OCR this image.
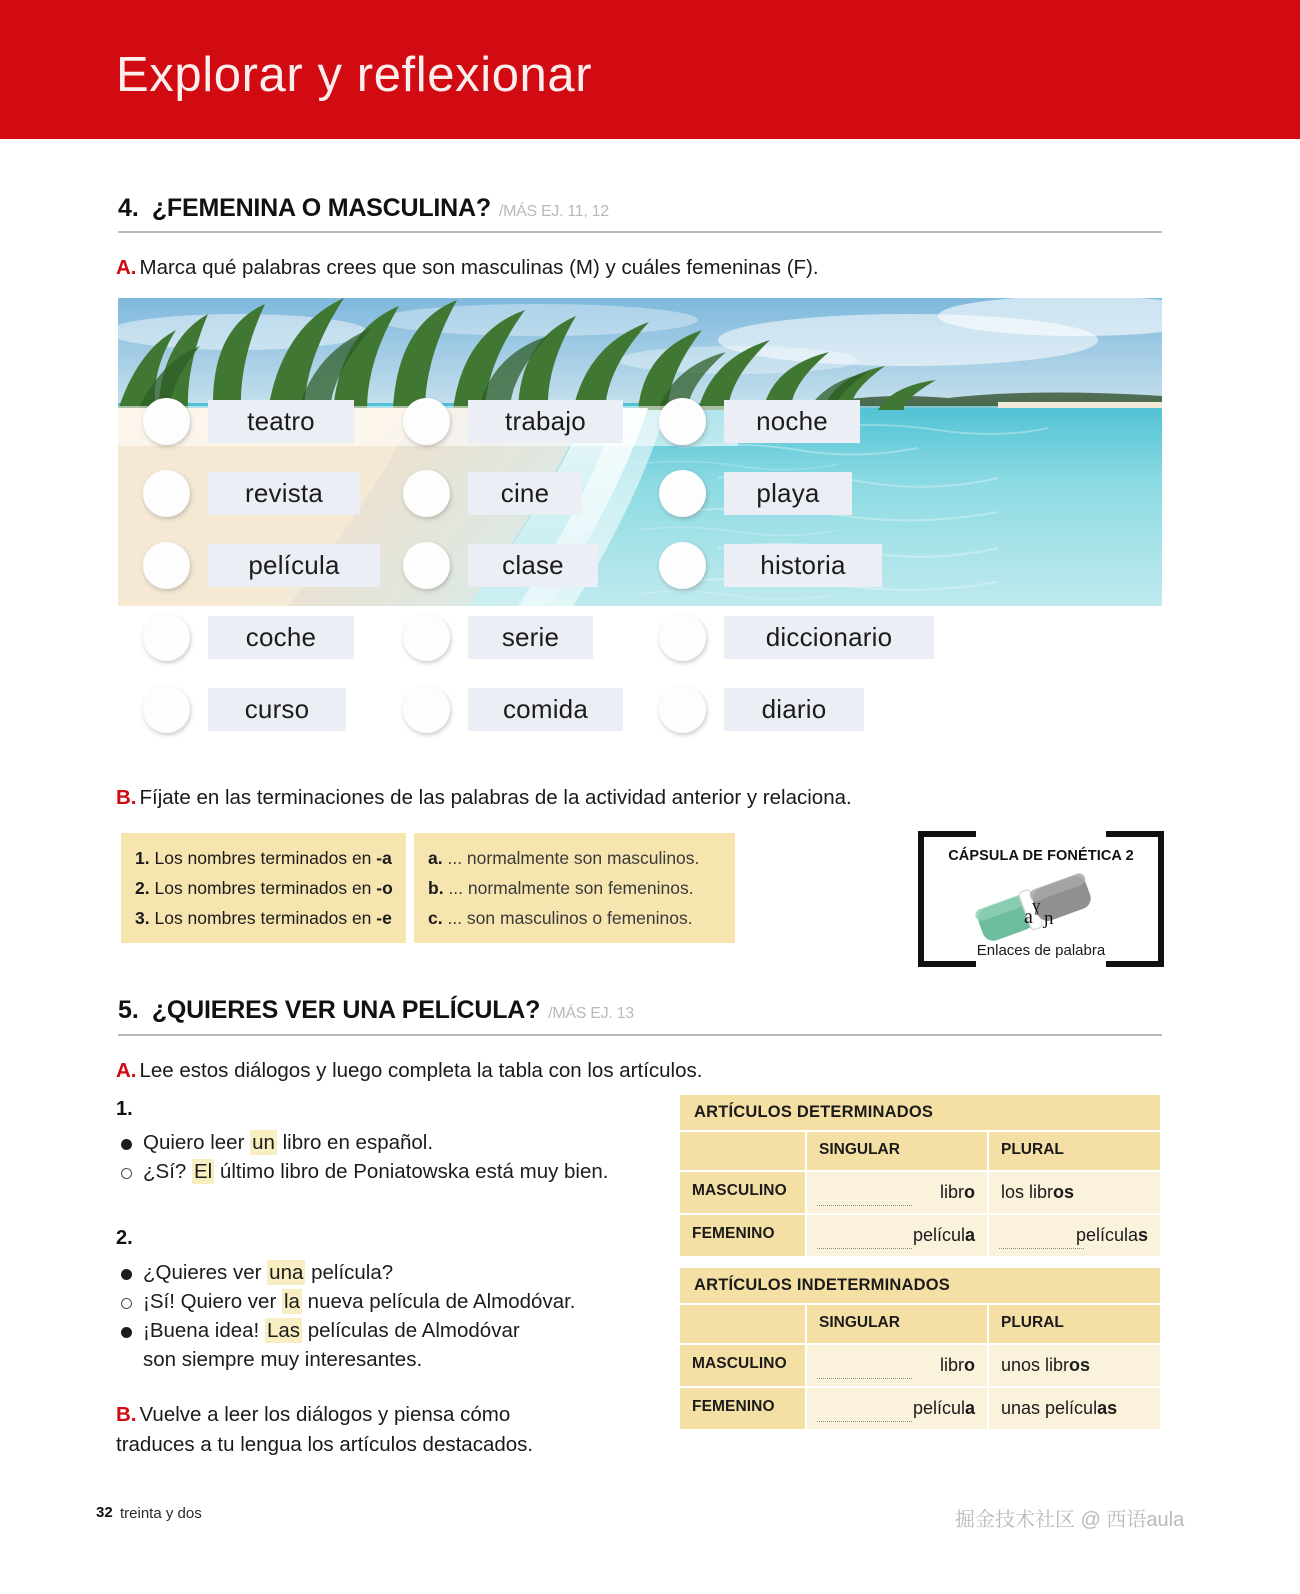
Explorar y reflexionar
4. ¿FEMENINA O MASCULINA? /MÁS EJ. 11, 12
A. Marca qué palabras crees que son masculinas (M) y cuáles femeninas (F).
teatro	trabajo	noche
revista	cine	playa
película	clase	historia
coche	serie	diccionario
curso	comida	diario
B. Fíjate en las terminaciones de las palabras de la actividad anterior y relaciona.
1. Los nombres terminados en -a
2. Los nombres terminados en -o
3. Los nombres terminados en -e
a. ... normalmente son masculinos.
b. ... normalmente son femeninos.
c. ... son masculinos o femeninos.
CÁPSULA DE FONÉTICA 2
a
ɣ
ɲ
Enlaces de palabra
5. ¿QUIERES VER UNA PELÍCULA? /MÁS EJ. 13
A. Lee estos diálogos y luego completa la tabla con los artículos.
1.
Quiero leer un libro en español.
¿Sí? El último libro de Poniatowska está muy bien.
2.
¿Quieres ver una película?
¡Sí! Quiero ver la nueva película de Almodóvar.
¡Buena idea! Las películas de Almodóvar
son siempre muy interesantes.
B. Vuelve a leer los diálogos y piensa cómo
traduces a tu lengua los artículos destacados.
ARTÍCULOS DETERMINADOS

SINGULAR	PLURAL
MASCULINO	libro	los libros
FEMENINO	película	películas
ARTÍCULOS INDETERMINADOS

SINGULAR	PLURAL
MASCULINO	libro	unos libros
FEMENINO	película	unas películas
32 treinta y dos	掘金技术社区 @ 西语aula
